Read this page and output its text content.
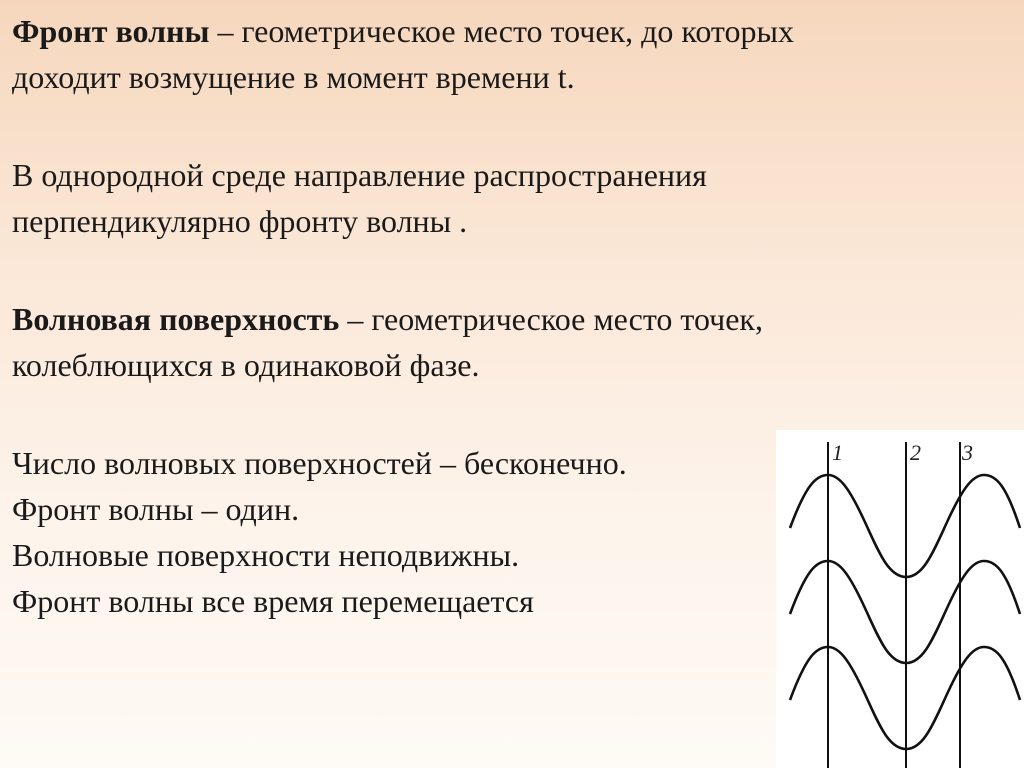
Фронт волны – геометрическое место точек, до которых
доходит возмущение в момент времени t.
В однородной среде направление распространения
перпендикулярно фронту волны .
Волновая поверхность – геометрическое место точек,
колеблющихся в одинаковой фазе.
Число волновых поверхностей – бесконечно.
Фронт волны – один.
Волновые поверхности неподвижны.
Фронт волны все время перемещается
1	2 3
